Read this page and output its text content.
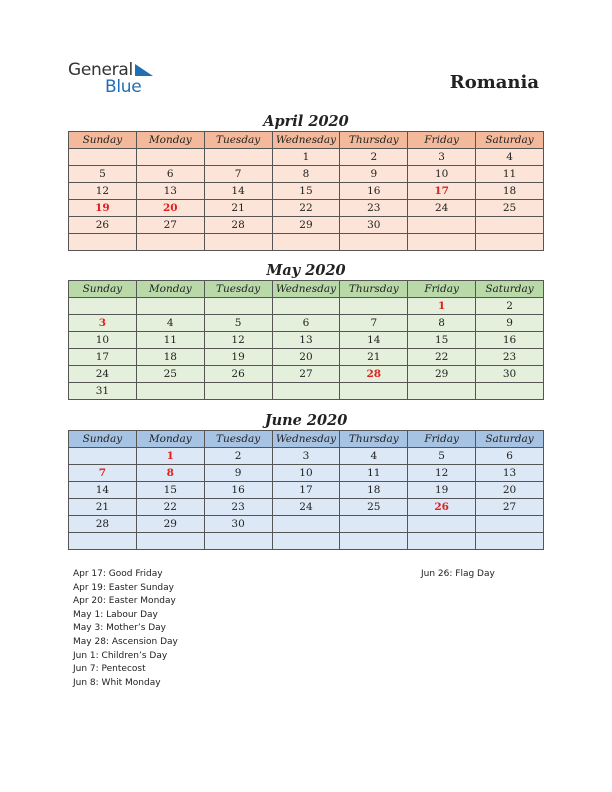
General
Blue	Romania
April 2020
Sunday	Monday	Tuesday	Wednesday	Thursday	Friday	Saturday
			1	2	3	4
5	6	7	8	9	10	11
12	13	14	15	16	17	18
19	20	21	22	23	24	25
26	27	28	29	30		

May 2020
Sunday	Monday	Tuesday	Wednesday	Thursday	Friday	Saturday
					1	2
3	4	5	6	7	8	9
10	11	12	13	14	15	16
17	18	19	20	21	22	23
24	25	26	27	28	29	30
31						
June 2020
Sunday	Monday	Tuesday	Wednesday	Thursday	Friday	Saturday
	1	2	3	4	5	6
7	8	9	10	11	12	13
14	15	16	17	18	19	20
21	22	23	24	25	26	27
28	29	30				

Apr 17: Good Friday
Apr 19: Easter Sunday
Apr 20: Easter Monday
May 1: Labour Day
May 3: Mother’s Day
May 28: Ascension Day
Jun 1: Children’s Day
Jun 7: Pentecost
Jun 8: Whit Monday
Jun 26: Flag Day
